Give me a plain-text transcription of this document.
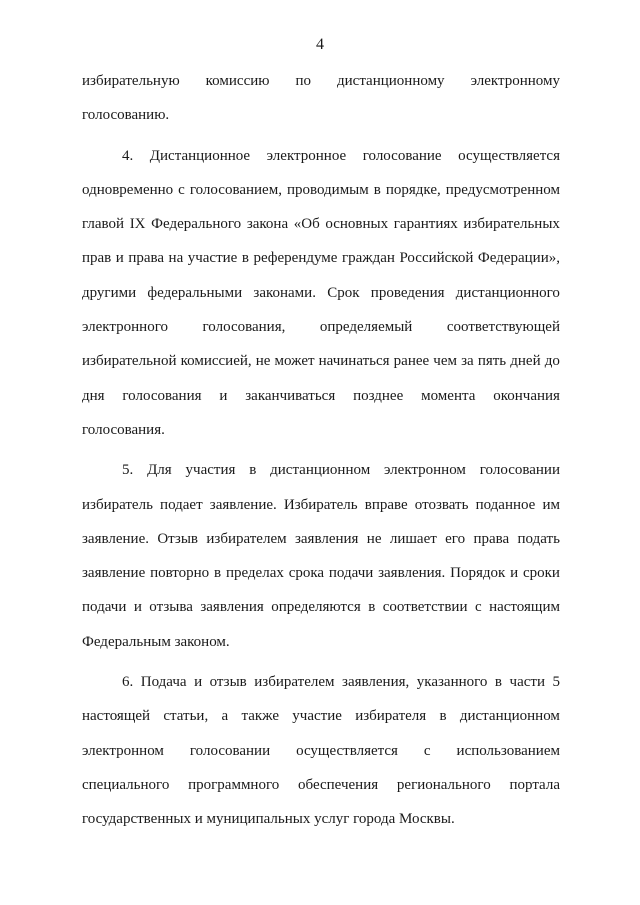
4
избирательную комиссию по дистанционному электронному
голосованию.
4. Дистанционное электронное голосование осуществляется
одновременно с голосованием, проводимым в порядке, предусмотренном
главой IX Федерального закона «Об основных гарантиях избирательных
прав и права на участие в референдуме граждан Российской Федерации»,
другими федеральными законами. Срок проведения дистанционного
электронного голосования, определяемый соответствующей
избирательной комиссией, не может начинаться ранее чем за пять дней до
дня голосования и заканчиваться позднее момента окончания
голосования.
5. Для участия в дистанционном электронном голосовании
избиратель подает заявление. Избиратель вправе отозвать поданное им
заявление. Отзыв избирателем заявления не лишает его права подать
заявление повторно в пределах срока подачи заявления. Порядок и сроки
подачи и отзыва заявления определяются в соответствии с настоящим
Федеральным законом.
6. Подача и отзыв избирателем заявления, указанного в части 5
настоящей статьи, а также участие избирателя в дистанционном
электронном голосовании осуществляется с использованием
специального программного обеспечения регионального портала
государственных и муниципальных услуг города Москвы.
